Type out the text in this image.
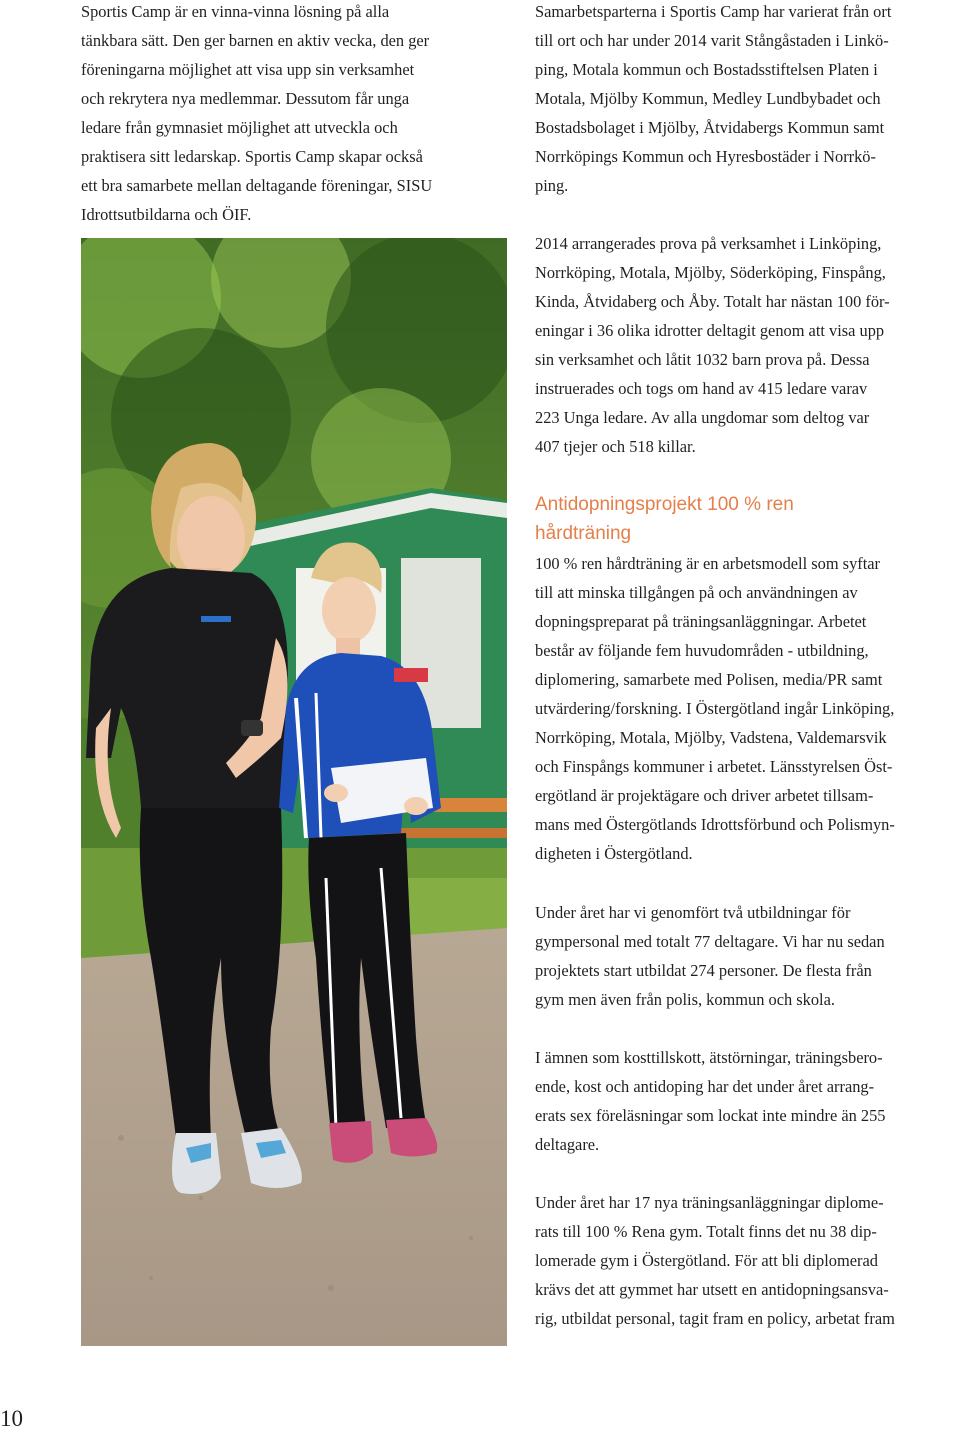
Sportis Camp är en vinna-vinna lösning på alla
tänkbara sätt. Den ger barnen en aktiv vecka, den ger
föreningarna möjlighet att visa upp sin verksamhet
och rekrytera nya medlemmar. Dessutom får unga
ledare från gymnasiet möjlighet att utveckla och
praktisera sitt ledarskap. Sportis Camp skapar också
ett bra samarbete mellan deltagande föreningar, SISU
Idrottsutbildarna och ÖIF.

Samarbetsparterna i Sportis Camp har varierat från ort
till ort och har under 2014 varit Stångåstaden i Linkö-
ping, Motala kommun och Bostadsstiftelsen Platen i
Motala, Mjölby Kommun, Medley Lundbybadet och
Bostadsbolaget i Mjölby, Åtvidabergs Kommun samt
Norrköpings Kommun och Hyresbostäder i Norrkö-
ping.

2014 arrangerades prova på verksamhet i Linköping,
Norrköping, Motala, Mjölby, Söderköping, Finspång,
Kinda, Åtvidaberg och Åby. Totalt har nästan 100 för-
eningar i 36 olika idrotter deltagit genom att visa upp
sin verksamhet och låtit 1032 barn prova på. Dessa
instruerades och togs om hand av 415 ledare varav
223 Unga ledare. Av alla ungdomar som deltog var
407 tjejer och 518 killar.

Antidopningsprojekt 100 % ren
hårdträning

100 % ren hårdträning är en arbetsmodell som syftar
till att minska tillgången på och användningen av
dopningspreparat på träningsanläggningar. Arbetet
består av följande fem huvudområden - utbildning,
diplomering, samarbete med Polisen, media/PR samt
utvärdering/forskning. I Östergötland ingår Linköping,
Norrköping, Motala, Mjölby, Vadstena, Valdemarsvik
och Finspångs kommuner i arbetet. Länsstyrelsen Öst-
ergötland är projektägare och driver arbetet tillsam-
mans med Östergötlands Idrottsförbund och Polismyn-
digheten i Östergötland.

Under året har vi genomfört två utbildningar för
gympersonal med totalt 77 deltagare. Vi har nu sedan
projektets start utbildat 274 personer. De flesta från
gym men även från polis, kommun och skola.

I ämnen som kosttillskott, ätstörningar, träningsbero-
ende, kost och antidoping har det under året arrang-
erats sex föreläsningar som lockat inte mindre än 255
deltagare.

Under året har 17 nya träningsanläggningar diplome-
rats till 100 % Rena gym. Totalt finns det nu 38 dip-
lomerade gym i Östergötland. För att bli diplomerad
krävs det att gymmet har utsett en antidopningsansva-
rig, utbildat personal, tagit fram en policy, arbetat fram

10
